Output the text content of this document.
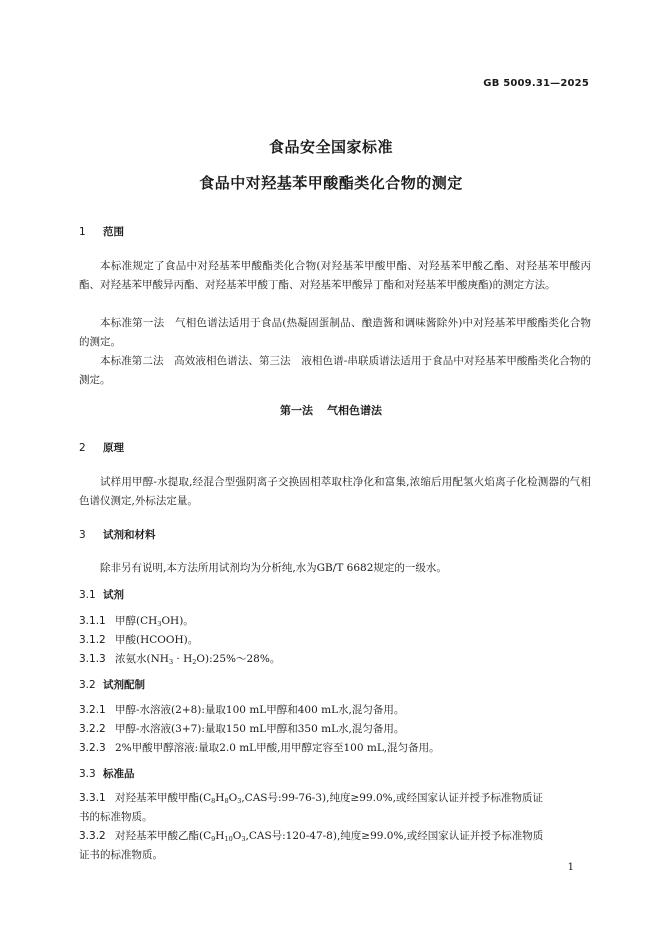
GB 5009.31—2025
食品安全国家标准
食品中对羟基苯甲酸酯类化合物的测定
1 范围
本标准规定了食品中对羟基苯甲酸酯类化合物(对羟基苯甲酸甲酯、对羟基苯甲酸乙酯、对羟基苯甲酸丙酯、对羟基苯甲酸异丙酯、对羟基苯甲酸丁酯、对羟基苯甲酸异丁酯和对羟基苯甲酸庚酯)的测定方法。
本标准第一法　气相色谱法适用于食品(热凝固蛋制品、酿造酱和调味酱除外)中对羟基苯甲酸酯类化合物的测定。
本标准第二法　高效液相色谱法、第三法　液相色谱-串联质谱法适用于食品中对羟基苯甲酸酯类化合物的测定。
第一法 气相色谱法
2 原理
试样用甲醇-水提取,经混合型强阴离子交换固相萃取柱净化和富集,浓缩后用配氢火焰离子化检测器的气相色谱仪测定,外标法定量。
3 试剂和材料
除非另有说明,本方法所用试剂均为分析纯,水为GB/T 6682规定的一级水。
3.1 试剂
3.1.1 甲醇$(CH_3OH)$。
3.1.2 甲酸(HCOOH)。
3.1.3 浓氨水($NH_3$ · $H_2O):25\%\sim 28\%$。
3.2 试剂配制
3.2.1 甲醇-水溶液(2+8):量取100 mL甲醇和400 mL水,混匀备用。
3.2.2 甲醇-水溶液(3+7):量取150 mL甲醇和350 mL水,混匀备用。
3.2.3 2%甲酸甲醇溶液:量取2.0 mL甲酸,用甲醇定容至100 mL,混匀备用。
3.3 标准品
3.3.1 对羟基苯甲酸甲酯($C_8H_8O_3,CAS$号:99-76-3),纯度≥99.0%,或经国家认证并授予标准物质证
书的标准物质。
3.3.2 对羟基苯甲酸乙酯($C_9H_{10}O_3,CAS$号:120-47-8),纯度≥99.0%,或经国家认证并授予标准物质
证书的标准物质。
1
